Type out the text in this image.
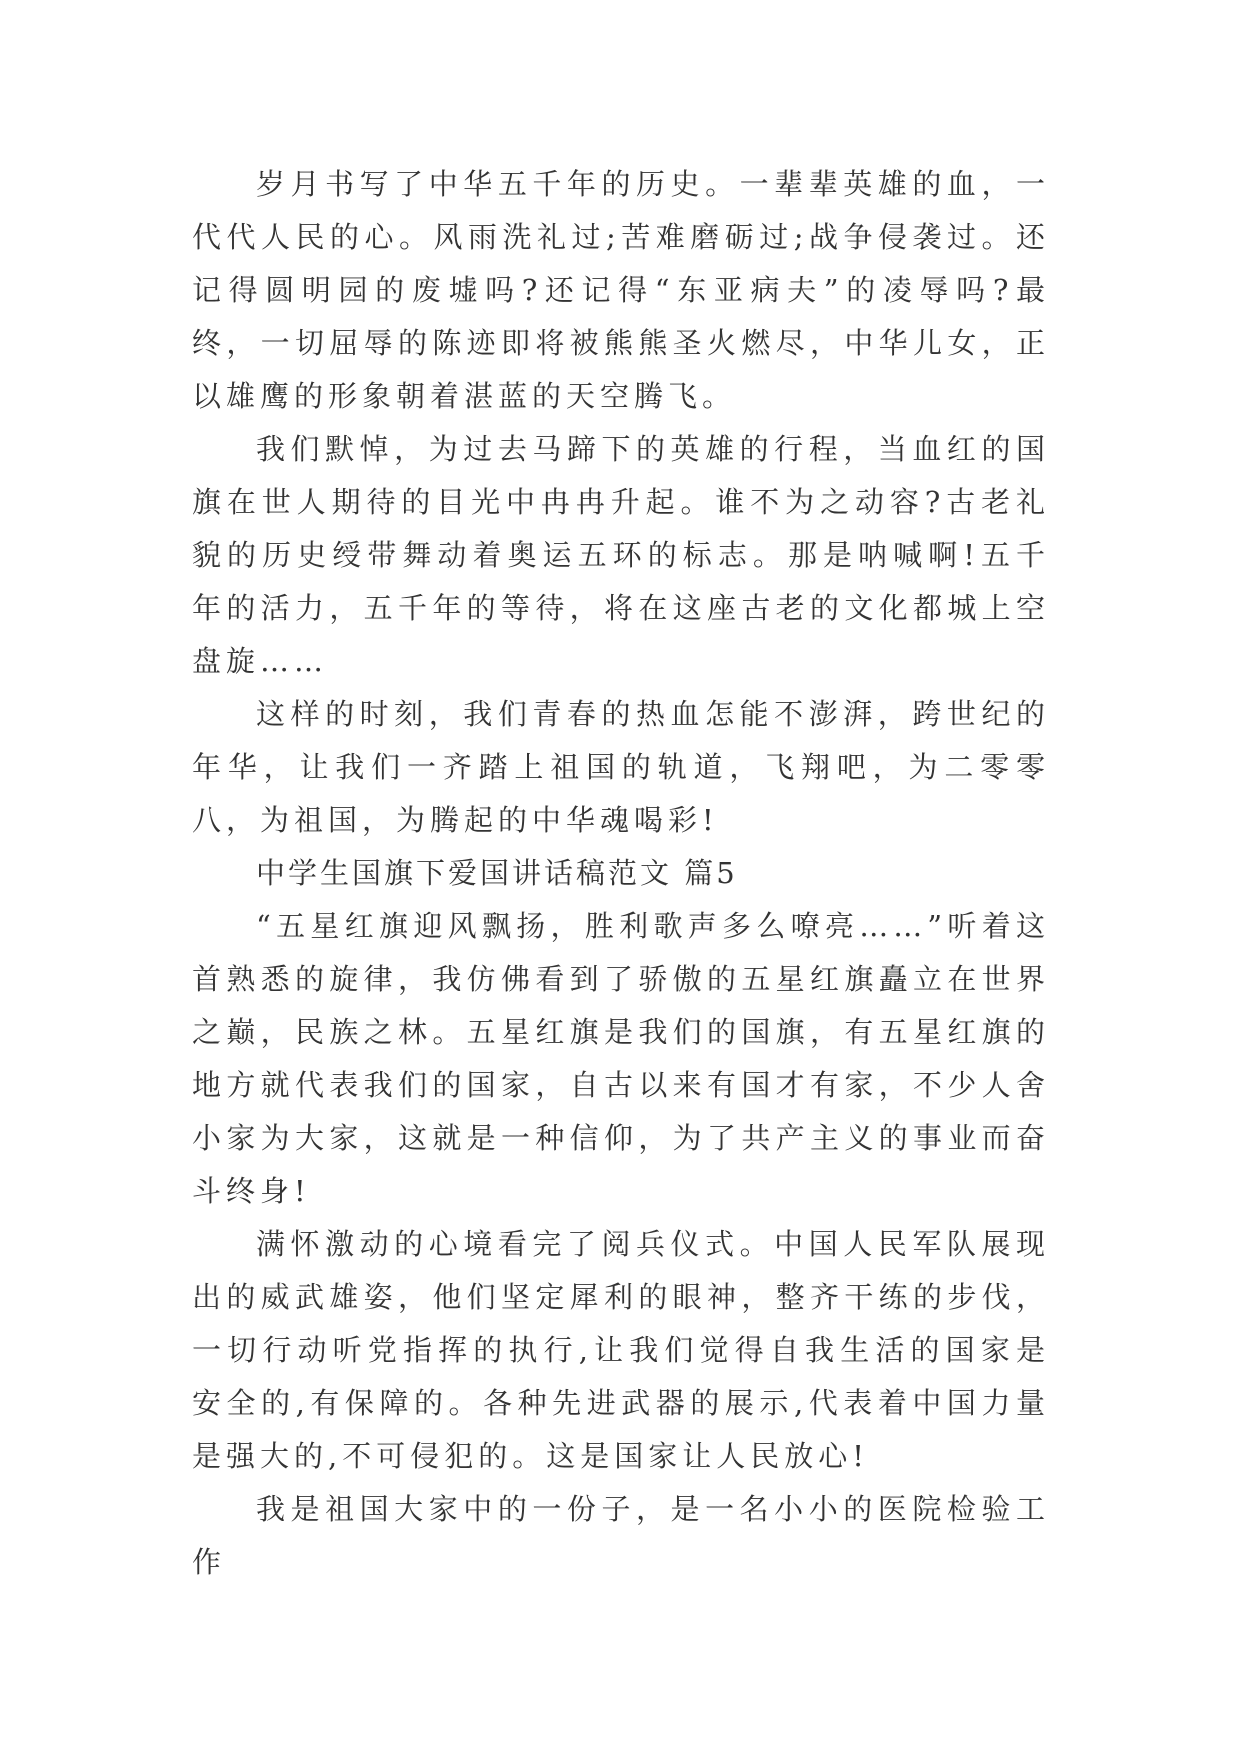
岁月书写了中华五千年的历史。一辈辈英雄的血，一代代人民的心。风雨洗礼过;苦难磨砺过;战争侵袭过。还记得圆明园的废墟吗?还记得“东亚病夫”的凌辱吗?最终，一切屈辱的陈迹即将被熊熊圣火燃尽，中华儿女，正以雄鹰的形象朝着湛蓝的天空腾飞。

我们默悼，为过去马蹄下的英雄的行程，当血红的国旗在世人期待的目光中冉冉升起。谁不为之动容?古老礼貌的历史绶带舞动着奥运五环的标志。那是呐喊啊!五千年的活力，五千年的等待，将在这座古老的文化都城上空盘旋……

这样的时刻，我们青春的热血怎能不澎湃，跨世纪的年华，让我们一齐踏上祖国的轨道，飞翔吧，为二零零八，为祖国，为腾起的中华魂喝彩!

中学生国旗下爱国讲话稿范文 篇5

“五星红旗迎风飘扬，胜利歌声多么嘹亮……”听着这首熟悉的旋律，我仿佛看到了骄傲的五星红旗矗立在世界之巅，民族之林。五星红旗是我们的国旗，有五星红旗的地方就代表我们的国家，自古以来有国才有家，不少人舍小家为大家，这就是一种信仰，为了共产主义的事业而奋斗终身!

满怀激动的心境看完了阅兵仪式。中国人民军队展现出的威武雄姿，他们坚定犀利的眼神，整齐干练的步伐，一切行动听党指挥的执行,让我们觉得自我生活的国家是安全的,有保障的。各种先进武器的展示,代表着中国力量是强大的,不可侵犯的。这是国家让人民放心!

我是祖国大家中的一份子，是一名小小的医院检验工作
